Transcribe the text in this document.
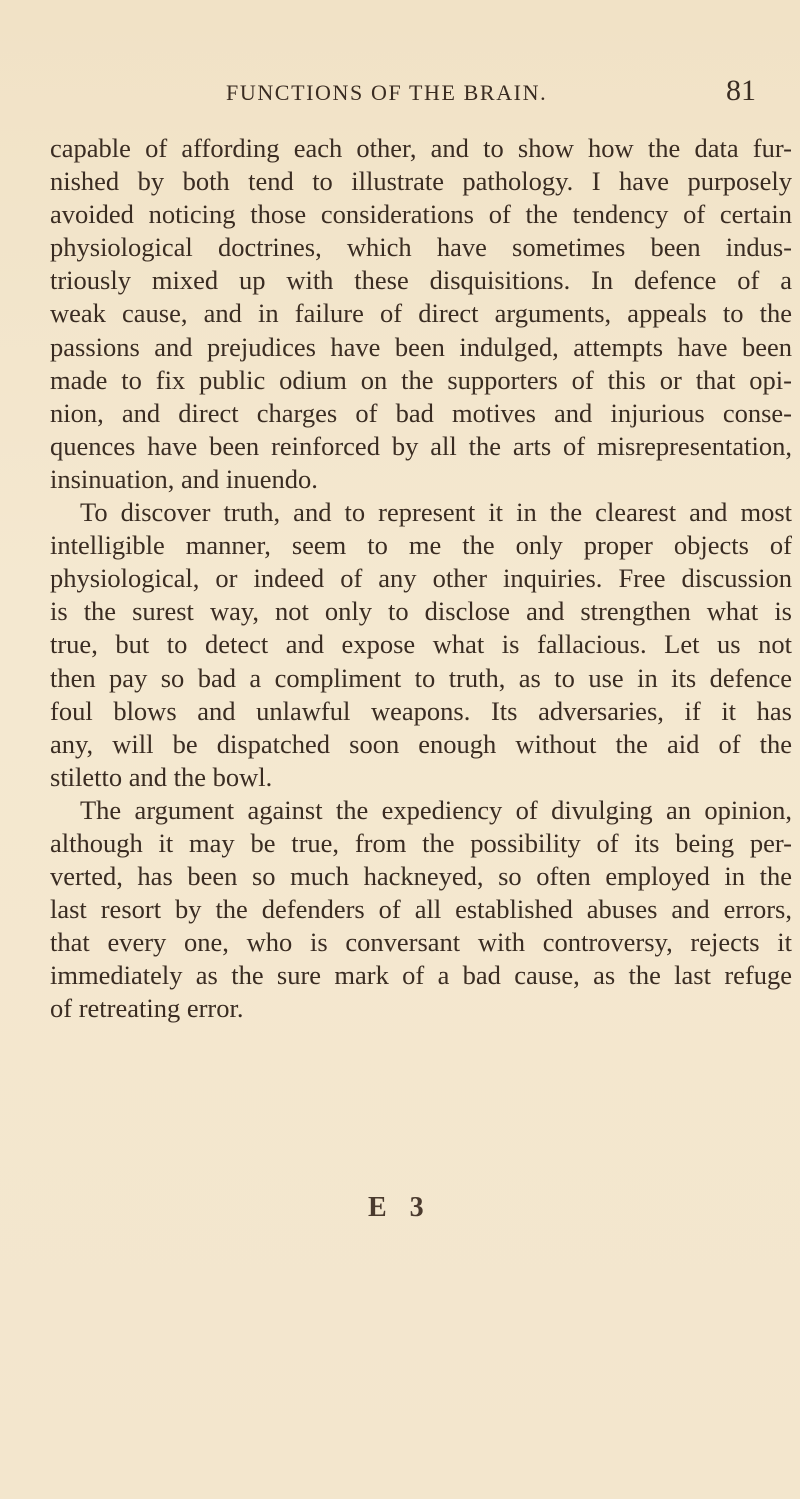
FUNCTIONS OF THE BRAIN.	81
capable of affording each other, and to show how the data fur-
nished by both tend to illustrate pathology. I have purposely
avoided noticing those considerations of the tendency of certain
physiological doctrines, which have sometimes been indus-
triously mixed up with these disquisitions. In defence of a
weak cause, and in failure of direct arguments, appeals to the
passions and prejudices have been indulged, attempts have been
made to fix public odium on the supporters of this or that opi-
nion, and direct charges of bad motives and injurious conse-
quences have been reinforced by all the arts of misrepresentation,
insinuation, and inuendo.
To discover truth, and to represent it in the clearest and most
intelligible manner, seem to me the only proper objects of
physiological, or indeed of any other inquiries. Free discussion
is the surest way, not only to disclose and strengthen what is
true, but to detect and expose what is fallacious. Let us not
then pay so bad a compliment to truth, as to use in its defence
foul blows and unlawful weapons. Its adversaries, if it has
any, will be dispatched soon enough without the aid of the
stiletto and the bowl.
The argument against the expediency of divulging an opinion,
although it may be true, from the possibility of its being per-
verted, has been so much hackneyed, so often employed in the
last resort by the defenders of all established abuses and errors,
that every one, who is conversant with controversy, rejects it
immediately as the sure mark of a bad cause, as the last refuge
of retreating error.
E 3
